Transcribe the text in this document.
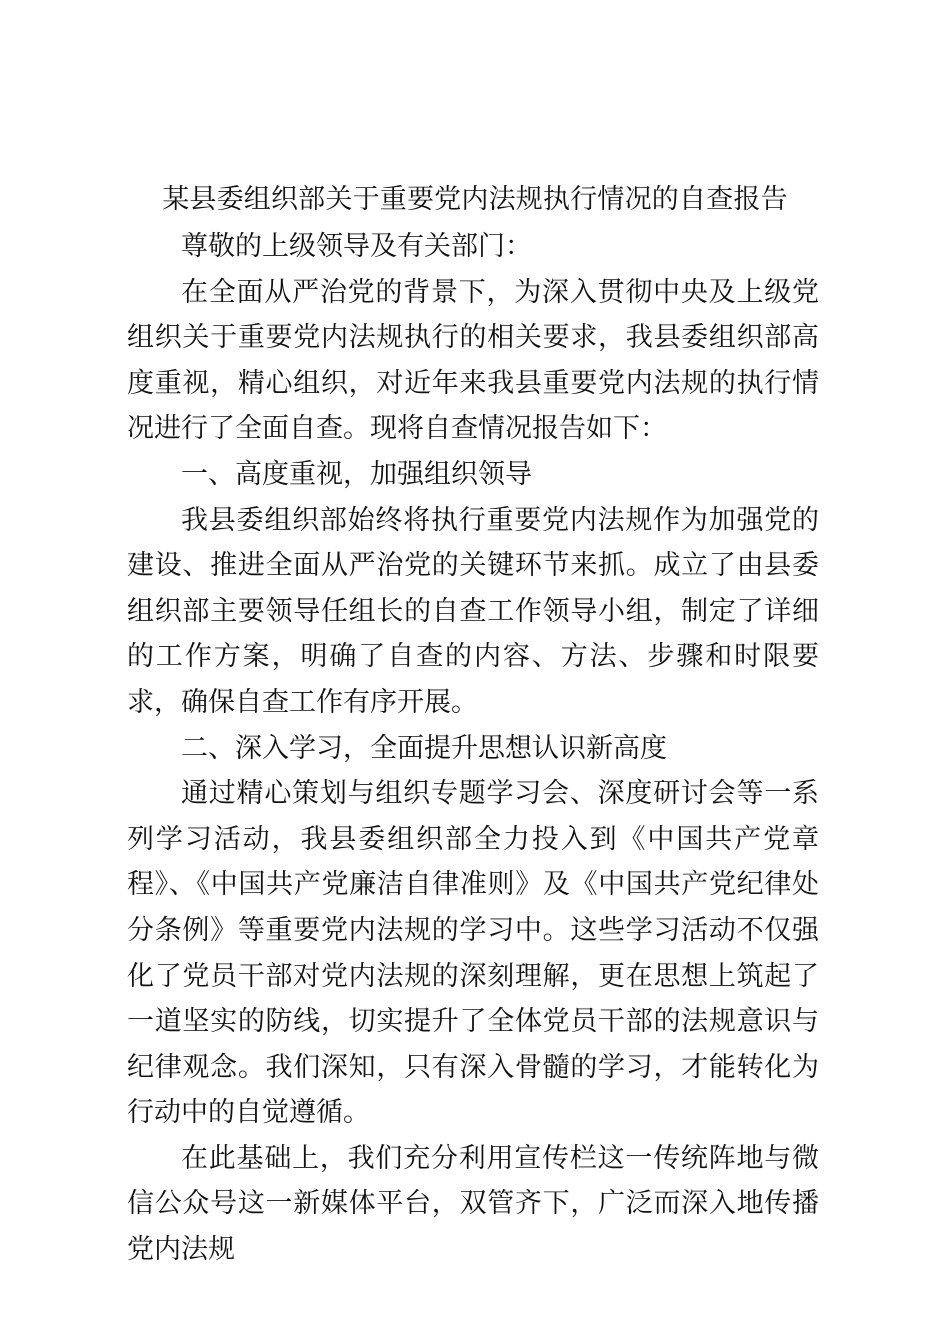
某县委组织部关于重要党内法规执行情况的自查报告

尊敬的上级领导及有关部门：

在全面从严治党的背景下，为深入贯彻中央及上级党组织关于重要党内法规执行的相关要求，我县委组织部高度重视，精心组织，对近年来我县重要党内法规的执行情况进行了全面自查。现将自查情况报告如下：

一、高度重视，加强组织领导

我县委组织部始终将执行重要党内法规作为加强党的建设、推进全面从严治党的关键环节来抓。成立了由县委组织部主要领导任组长的自查工作领导小组，制定了详细的工作方案，明确了自查的内容、方法、步骤和时限要求，确保自查工作有序开展。

二、深入学习，全面提升思想认识新高度

通过精心策划与组织专题学习会、深度研讨会等一系列学习活动，我县委组织部全力投入到《中国共产党章程》、《中国共产党廉洁自律准则》及《中国共产党纪律处分条例》等重要党内法规的学习中。这些学习活动不仅强化了党员干部对党内法规的深刻理解，更在思想上筑起了一道坚实的防线，切实提升了全体党员干部的法规意识与纪律观念。我们深知，只有深入骨髓的学习，才能转化为行动中的自觉遵循。

在此基础上，我们充分利用宣传栏这一传统阵地与微信公众号这一新媒体平台，双管齐下，广泛而深入地传播党内法规
